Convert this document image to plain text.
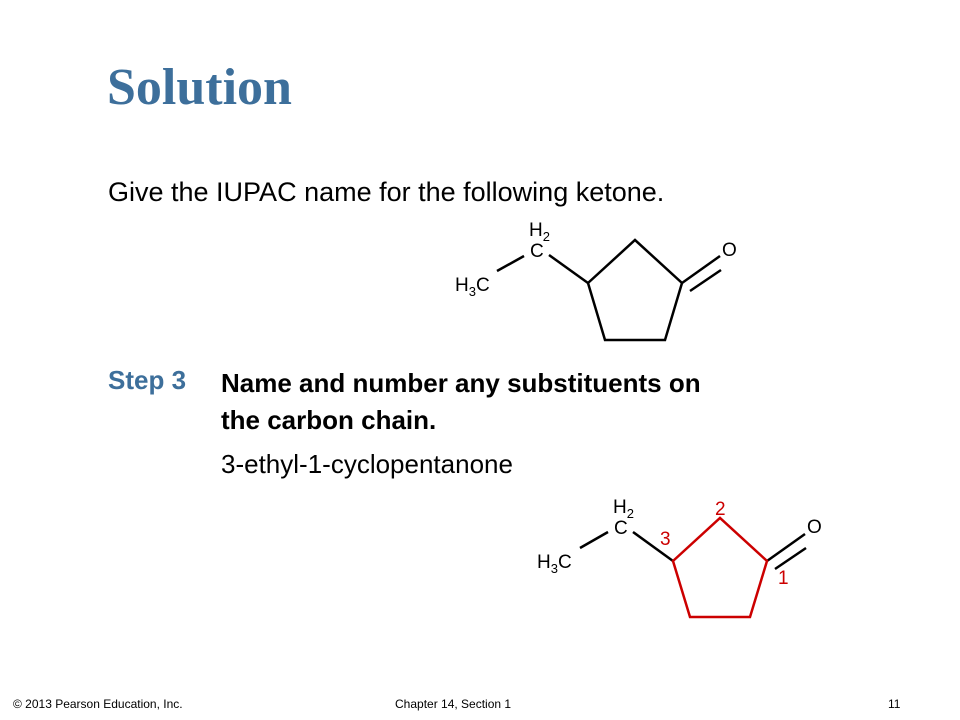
Solution
Give the IUPAC name for the following ketone.
$H_2$
C
$H_3C$
O
$H_2$
C
$H_3C$
O
1
2
3
Step 3 Name and number any substituents on
the carbon chain.
3-ethyl-1-cyclopentanone
© 2013 Pearson Education, Inc.	Chapter 14, Section 1	11
